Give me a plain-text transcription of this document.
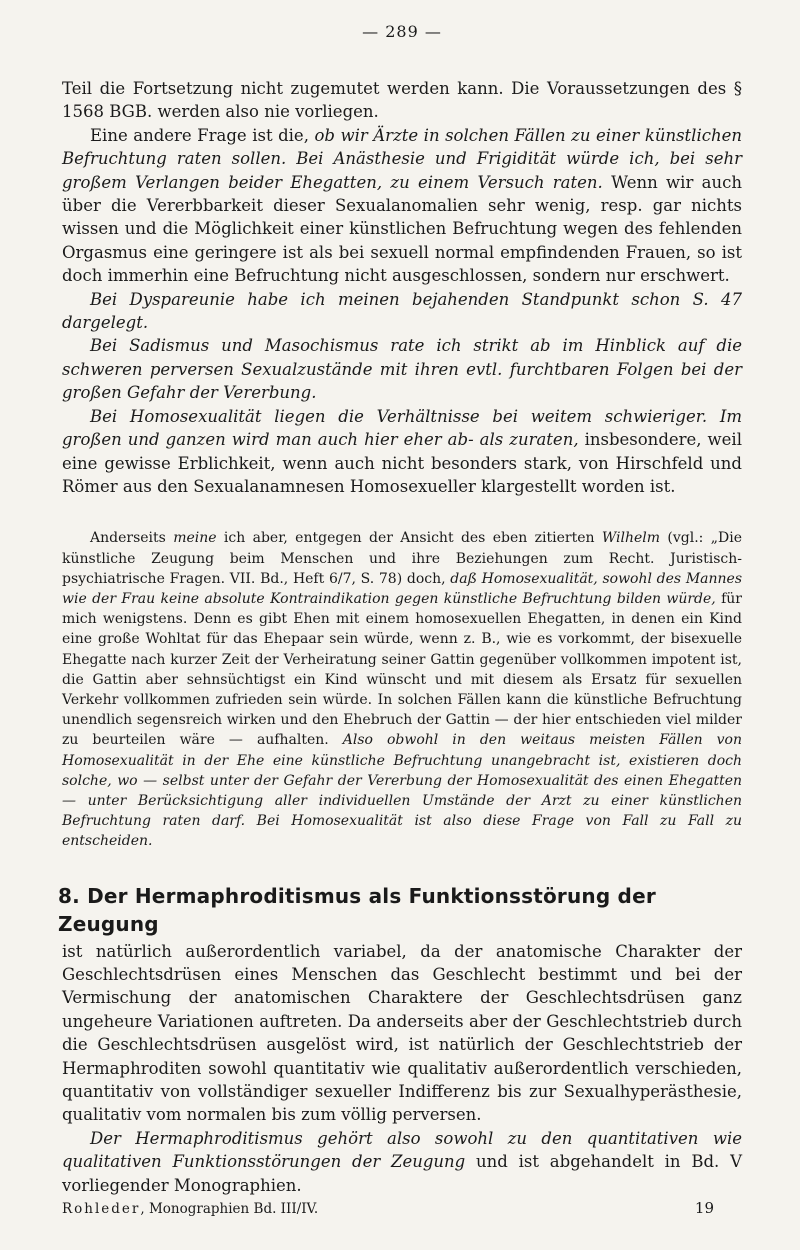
— 289 —

Teil die Fortsetzung nicht zugemutet werden kann. Die Voraussetzungen des § 1568 BGB. werden also nie vorliegen.

Eine andere Frage ist die, ob wir Ärzte in solchen Fällen zu einer künstlichen Befruchtung raten sollen. Bei Anästhesie und Frigidität würde ich, bei sehr großem Verlangen beider Ehegatten, zu einem Versuch raten. Wenn wir auch über die Vererbbarkeit dieser Sexualanomalien sehr wenig, resp. gar nichts wissen und die Möglichkeit einer künstlichen Befruchtung wegen des fehlenden Orgasmus eine geringere ist als bei sexuell normal empfindenden Frauen, so ist doch immerhin eine Befruchtung nicht ausgeschlossen, sondern nur erschwert.

Bei Dyspareunie habe ich meinen bejahenden Standpunkt schon S. 47 dargelegt.

Bei Sadismus und Masochismus rate ich strikt ab im Hinblick auf die schweren perversen Sexualzustände mit ihren evtl. furchtbaren Folgen bei der großen Gefahr der Vererbung.

Bei Homosexualität liegen die Verhältnisse bei weitem schwieriger. Im großen und ganzen wird man auch hier eher ab- als zuraten, insbesondere, weil eine gewisse Erblichkeit, wenn auch nicht besonders stark, von Hirschfeld und Römer aus den Sexualanamnesen Homosexueller klargestellt worden ist.

Anderseits meine ich aber, entgegen der Ansicht des eben zitierten Wilhelm (vgl.: „Die künstliche Zeugung beim Menschen und ihre Beziehungen zum Recht. Juristisch-psychiatrische Fragen. VII. Bd., Heft 6/7, S. 78) doch, daß Homosexualität, sowohl des Mannes wie der Frau keine absolute Kontraindikation gegen künstliche Befruchtung bilden würde, für mich wenigstens. Denn es gibt Ehen mit einem homosexuellen Ehegatten, in denen ein Kind eine große Wohltat für das Ehepaar sein würde, wenn z. B., wie es vorkommt, der bisexuelle Ehegatte nach kurzer Zeit der Verheiratung seiner Gattin gegenüber vollkommen impotent ist, die Gattin aber sehnsüchtigst ein Kind wünscht und mit diesem als Ersatz für sexuellen Verkehr vollkommen zufrieden sein würde. In solchen Fällen kann die künstliche Befruchtung unendlich segensreich wirken und den Ehebruch der Gattin — der hier entschieden viel milder zu beurteilen wäre — aufhalten. Also obwohl in den weitaus meisten Fällen von Homosexualität in der Ehe eine künstliche Befruchtung unangebracht ist, existieren doch solche, wo — selbst unter der Gefahr der Vererbung der Homosexualität des einen Ehegatten — unter Berücksichtigung aller individuellen Umstände der Arzt zu einer künstlichen Befruchtung raten darf. Bei Homosexualität ist also diese Frage von Fall zu Fall zu entscheiden.

8. Der Hermaphroditismus als Funktionsstörung der Zeugung

ist natürlich außerordentlich variabel, da der anatomische Charakter der Geschlechtsdrüsen eines Menschen das Geschlecht bestimmt und bei der Vermischung der anatomischen Charaktere der Geschlechtsdrüsen ganz ungeheure Variationen auftreten. Da anderseits aber der Geschlechtstrieb durch die Geschlechtsdrüsen ausgelöst wird, ist natürlich der Geschlechtstrieb der Hermaphroditen sowohl quantitativ wie qualitativ außerordentlich verschieden, quantitativ von vollständiger sexueller Indifferenz bis zur Sexualhyperästhesie, qualitativ vom normalen bis zum völlig perversen.

Der Hermaphroditismus gehört also sowohl zu den quantitativen wie qualitativen Funktionsstörungen der Zeugung und ist abgehandelt in Bd. V vorliegender Monographien.

Rohleder, Monographien Bd. III/IV.	19
